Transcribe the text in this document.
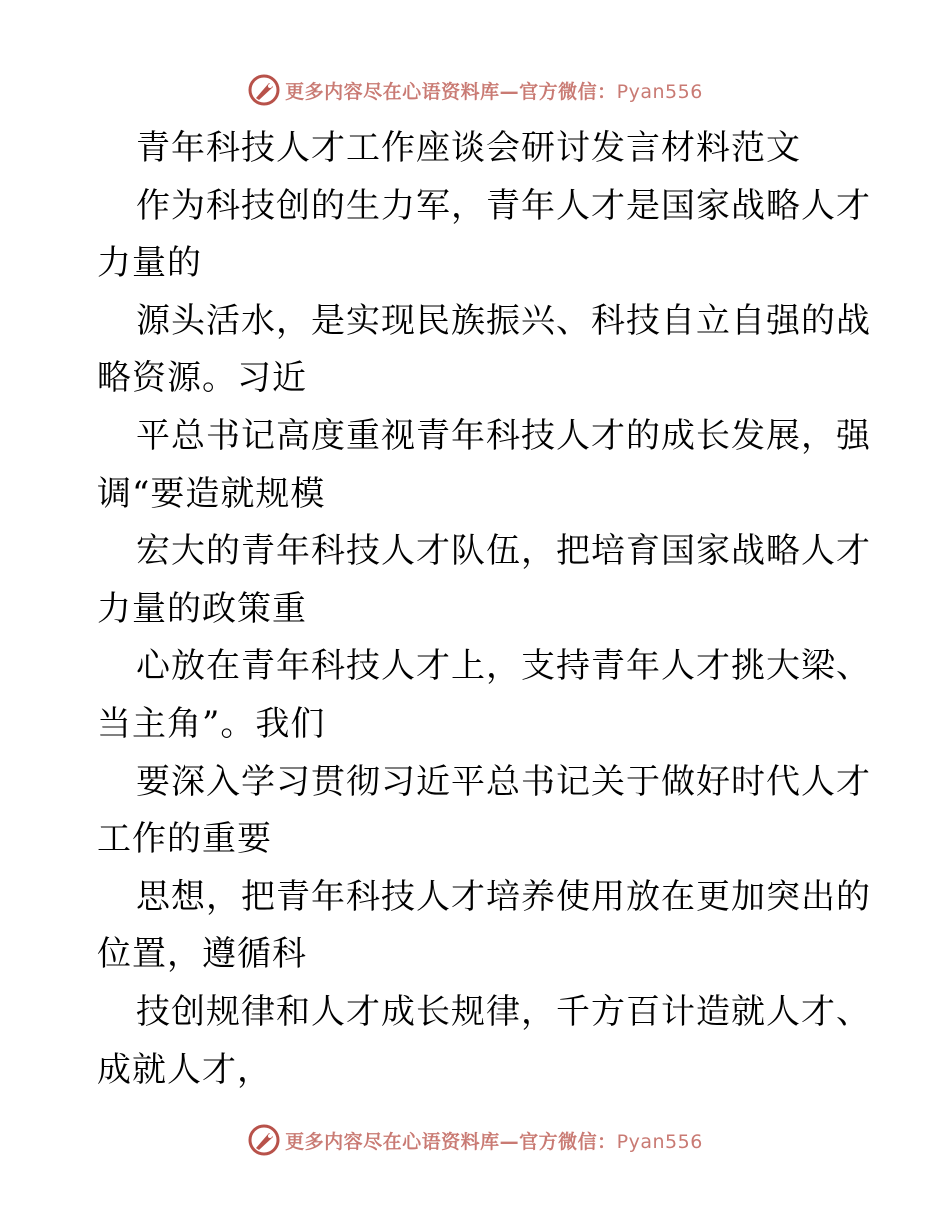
更多内容尽在心语资料库—官方微信：Pyan556
青年科技人才工作座谈会研讨发言材料范文
作为科技创的生力军，青年人才是国家战略人才
力量的
源头活水，是实现民族振兴、科技自立自强的战
略资源。习近
平总书记高度重视青年科技人才的成长发展，强
调“要造就规模
宏大的青年科技人才队伍，把培育国家战略人才
力量的政策重
心放在青年科技人才上，支持青年人才挑大梁、
当主角”。我们
要深入学习贯彻习近平总书记关于做好时代人才
工作的重要
思想，把青年科技人才培养使用放在更加突出的
位置，遵循科
技创规律和人才成长规律，千方百计造就人才、
成就人才，
更多内容尽在心语资料库—官方微信：Pyan556
